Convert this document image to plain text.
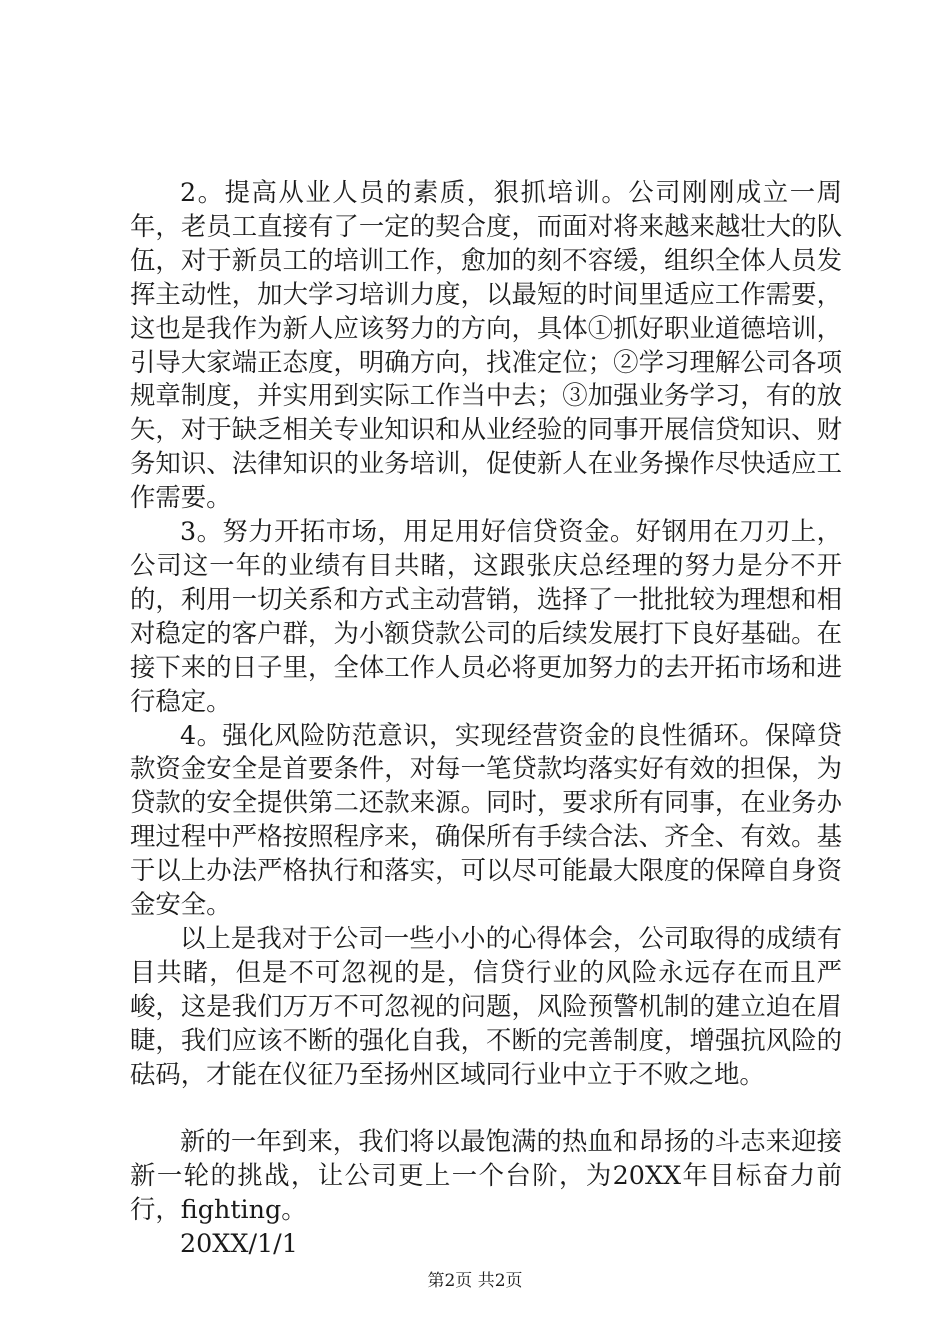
2。提高从业人员的素质，狠抓培训。公司刚刚成立一周年，老员工直接有了一定的契合度，而面对将来越来越壮大的队伍，对于新员工的培训工作，愈加的刻不容缓，组织全体人员发挥主动性，加大学习培训力度，以最短的时间里适应工作需要，这也是我作为新人应该努力的方向，具体①抓好职业道德培训，引导大家端正态度，明确方向，找准定位；②学习理解公司各项规章制度，并实用到实际工作当中去；③加强业务学习，有的放矢，对于缺乏相关专业知识和从业经验的同事开展信贷知识、财务知识、法律知识的业务培训，促使新人在业务操作尽快适应工作需要。

3。努力开拓市场，用足用好信贷资金。好钢用在刀刃上，公司这一年的业绩有目共睹，这跟张庆总经理的努力是分不开的，利用一切关系和方式主动营销，选择了一批批较为理想和相对稳定的客户群，为小额贷款公司的后续发展打下良好基础。在接下来的日子里，全体工作人员必将更加努力的去开拓市场和进行稳定。

4。强化风险防范意识，实现经营资金的良性循环。保障贷款资金安全是首要条件，对每一笔贷款均落实好有效的担保，为贷款的安全提供第二还款来源。同时，要求所有同事，在业务办理过程中严格按照程序来，确保所有手续合法、齐全、有效。基于以上办法严格执行和落实，可以尽可能最大限度的保障自身资金安全。

以上是我对于公司一些小小的心得体会，公司取得的成绩有目共睹，但是不可忽视的是，信贷行业的风险永远存在而且严峻，这是我们万万不可忽视的问题，风险预警机制的建立迫在眉睫，我们应该不断的强化自我，不断的完善制度，增强抗风险的砝码，才能在仪征乃至扬州区域同行业中立于不败之地。

新的一年到来，我们将以最饱满的热血和昂扬的斗志来迎接新一轮的挑战，让公司更上一个台阶，为20XX年目标奋力前行，fighting。

20XX/1/1

第2页 共2页
